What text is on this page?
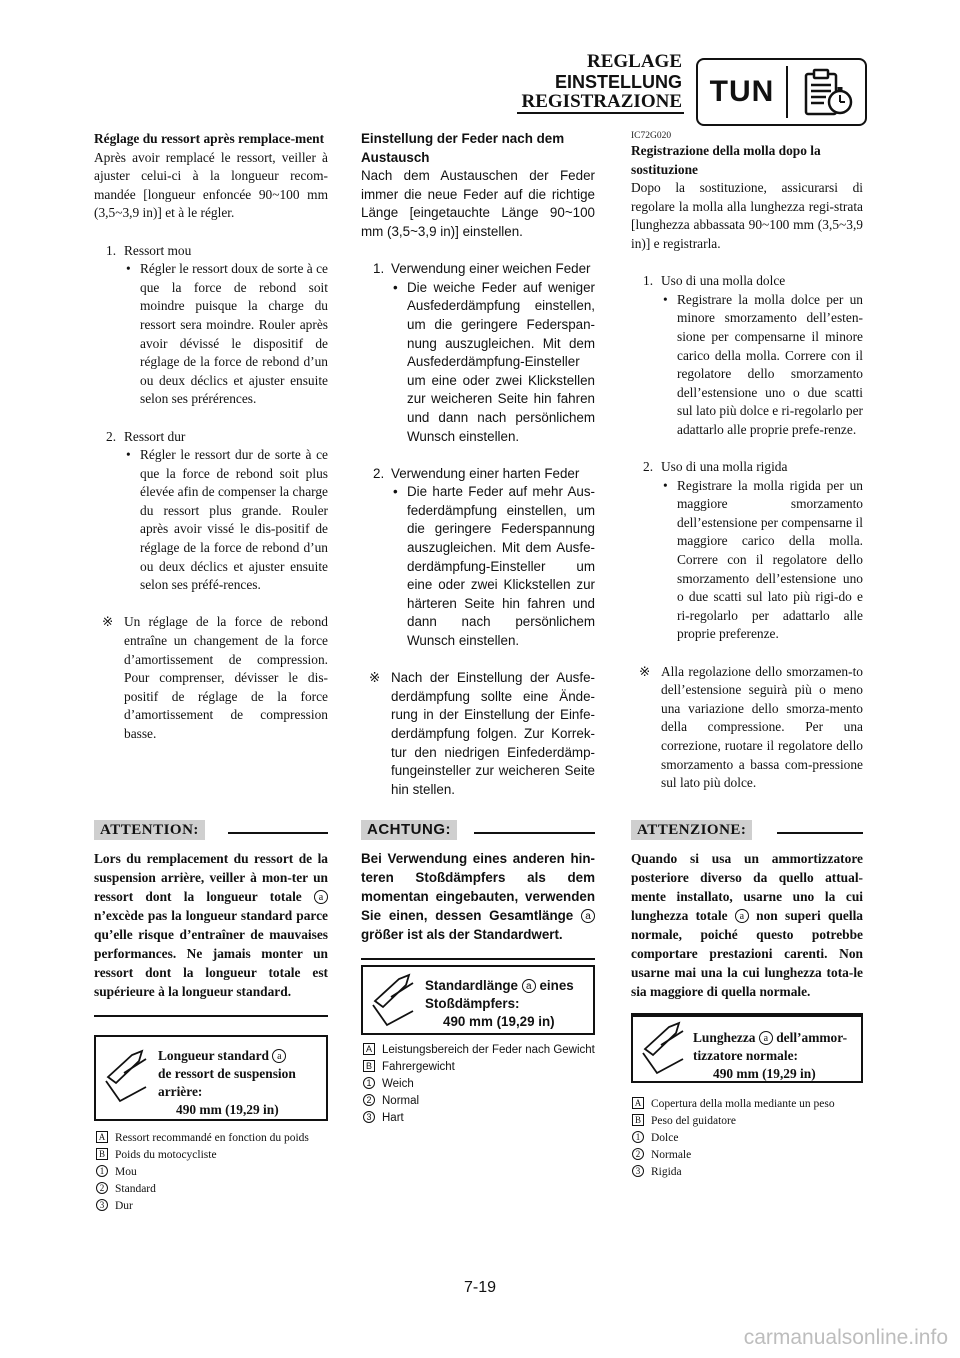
REGLAGE
EINSTELLUNG
REGISTRAZIONE TUN

Réglage du ressort après remplace-ment

Après avoir remplacé le ressort, veiller à ajuster celui-ci à la longueur recom-mandée [longueur enfoncée 90~100 mm (3,5~3,9 in)] et à le régler.

1. Ressort mou
• Régler le ressort doux de sorte à ce que la force de rebond soit moindre puisque la charge du ressort sera moindre. Rouler après avoir dévissé le dispositif de réglage de la force de rebond d’un ou deux déclics et ajuster ensuite selon ses prérérences.
2. Ressort dur
• Régler le ressort dur de sorte à ce que la force de rebond soit plus élevée afin de compenser la charge du ressort plus grande. Rouler après avoir vissé le dis-positif de réglage de la force de rebond d’un ou deux déclics et ajuster ensuite selon ses préfé-rences.
※ Un réglage de la force de rebond entraîne un changement de la force d’amortissement de compression. Pour comprenser, dévisser le dis-positif de réglage de la force d’amortissement de compression basse.

Einstellung der Feder nach dem Austausch

Nach dem Austauschen der Feder immer die neue Feder auf die richtige Länge [eingetauchte Länge 90~100 mm (3,5~3,9 in)] einstellen.

1. Verwendung einer weichen Feder
• Die weiche Feder auf weniger Ausfederdämpfung einstellen, um die geringere Federspan-nung auszugleichen. Mit dem Ausfederdämpfung-Einsteller um eine oder zwei Klickstellen zur weicheren Seite hin fahren und dann nach persönlichem Wunsch einstellen.
2. Verwendung einer harten Feder
• Die harte Feder auf mehr Aus-federdämpfung einstellen, um die geringere Federspannung auszugleichen. Mit dem Ausfe-derdämpfung-Einsteller um eine oder zwei Klickstellen zur härteren Seite hin fahren und dann nach persönlichem Wunsch einstellen.
※ Nach der Einstellung der Ausfe-derdämpfung sollte eine Ände-rung in der Einstellung der Einfe-derdämpfung folgen. Zur Korrek-tur den niedrigen Einfederdämp-fungeinsteller zur weicheren Seite hin stellen.

IC72G020

Registrazione della molla dopo la sostituzione

Dopo la sostituzione, assicurarsi di regolare la molla alla lunghezza regi-strata [lunghezza abbassata 90~100 mm (3,5~3,9 in)] e registrarla.

1. Uso di una molla dolce
• Registrare la molla dolce per un minore smorzamento dell’esten-sione per compensarne il minore carico della molla. Correre con il regolatore dello smorzamento dell’estensione uno o due scatti sul lato più dolce e ri-regolarlo per adattarlo alle proprie prefe-renze.
2. Uso di una molla rigida
• Registrare la molla rigida per un maggiore smorzamento dell’estensione per compensarne il maggiore carico della molla. Correre con il regolatore dello smorzamento dell’estensione uno o due scatti sul lato più rigi-do e ri-regolarlo per adattarlo alle proprie preferenze.
※ Alla regolazione dello smorzamen-to dell’estensione seguirà più o meno una variazione dello smorza-mento della compressione. Per una correzione, ruotare il regolatore dello smorzamento a bassa com-pressione sul lato più dolce.
ATTENTION:
Lors du remplacement du ressort de la suspension arrière, veiller à mon-ter un ressort dont la longueur totale a n’excède pas la longueur standard parce qu’elle risque d’entraîner de mauvaises performances. Ne jamais monter un ressort dont la longueur totale est supérieure à la longueur standard.
ACHTUNG:
Bei Verwendung eines anderen hin-teren Stoßdämpfers als dem momentan eingebauten, verwenden Sie einen, dessen Gesamtlänge a größer ist als der Standardwert.
ATTENZIONE:
Quando si usa un ammortizzatore posteriore diverso da quello attual-mente installato, usarne uno la cui lunghezza totale a non superi quella normale, poiché questo potrebbe comportare prestazioni carenti. Non usarne mai una la cui lunghezza tota-le sia maggiore di quella normale.
Longueur standard a
de ressort de suspension
arrière:
490 mm (19,29 in)
Standardlänge a eines
Stoßdämpfers:
490 mm (19,29 in)
Lunghezza a dell’ammor-
tizzatore normale:
490 mm (19,29 in)
A Ressort recommandé en fonction du poids
B Poids du motocycliste
1 Mou
2 Standard
3 Dur
A Leistungsbereich der Feder nach Gewicht
B Fahrergewicht
1 Weich
2 Normal
3 Hart
A Copertura della molla mediante un peso
B Peso del guidatore
1 Dolce
2 Normale
3 Rigida
7-19
carmanualsonline.info
